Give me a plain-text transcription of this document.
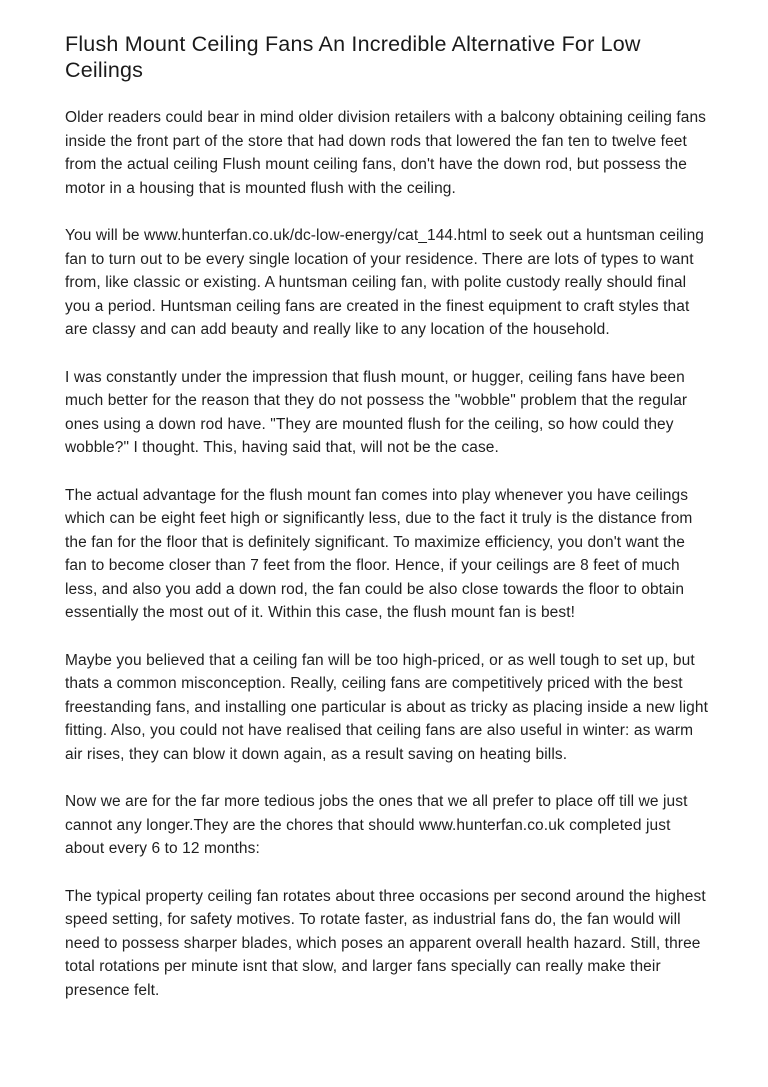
Flush Mount Ceiling Fans An Incredible Alternative For Low
Ceilings
Older readers could bear in mind older division retailers with a balcony obtaining ceiling fans
inside the front part of the store that had down rods that lowered the fan ten to twelve feet
from the actual ceiling Flush mount ceiling fans, don't have the down rod, but possess the
motor in a housing that is mounted flush with the ceiling.
You will be www.hunterfan.co.uk/dc-low-energy/cat_144.html to seek out a huntsman ceiling
fan to turn out to be every single location of your residence. There are lots of types to want
from, like classic or existing. A huntsman ceiling fan, with polite custody really should final
you a period. Huntsman ceiling fans are created in the finest equipment to craft styles that
are classy and can add beauty and really like to any location of the household.
I was constantly under the impression that flush mount, or hugger, ceiling fans have been
much better for the reason that they do not possess the "wobble" problem that the regular
ones using a down rod have. "They are mounted flush for the ceiling, so how could they
wobble?" I thought. This, having said that, will not be the case.
The actual advantage for the flush mount fan comes into play whenever you have ceilings
which can be eight feet high or significantly less, due to the fact it truly is the distance from
the fan for the floor that is definitely significant. To maximize efficiency, you don't want the
fan to become closer than 7 feet from the floor. Hence, if your ceilings are 8 feet of much
less, and also you add a down rod, the fan could be also close towards the floor to obtain
essentially the most out of it. Within this case, the flush mount fan is best!
Maybe you believed that a ceiling fan will be too high-priced, or as well tough to set up, but
thats a common misconception. Really, ceiling fans are competitively priced with the best
freestanding fans, and installing one particular is about as tricky as placing inside a new light
fitting. Also, you could not have realised that ceiling fans are also useful in winter: as warm
air rises, they can blow it down again, as a result saving on heating bills.
Now we are for the far more tedious jobs the ones that we all prefer to place off till we just
cannot any longer.They are the chores that should www.hunterfan.co.uk completed just
about every 6 to 12 months:
The typical property ceiling fan rotates about three occasions per second around the highest
speed setting, for safety motives. To rotate faster, as industrial fans do, the fan would will
need to possess sharper blades, which poses an apparent overall health hazard. Still, three
total rotations per minute isnt that slow, and larger fans specially can really make their
presence felt.
